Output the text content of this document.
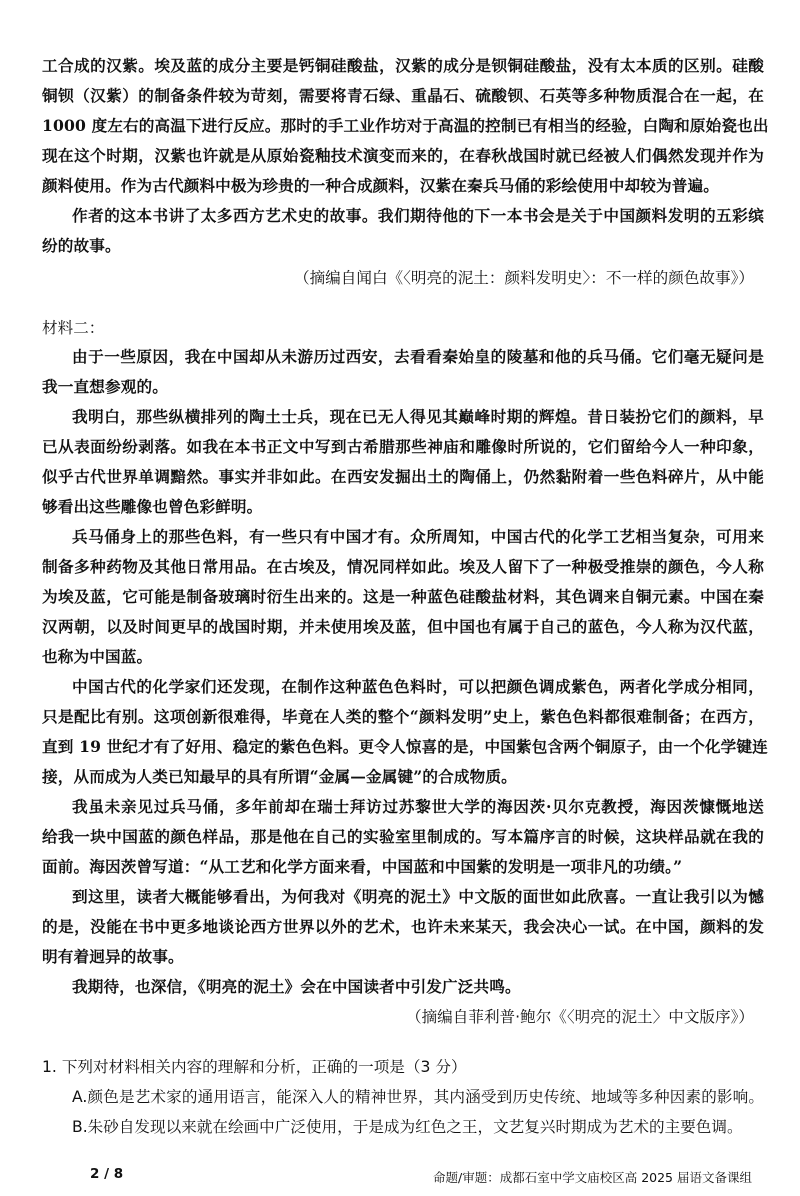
工合成的汉紫。埃及蓝的成分主要是钙铜硅酸盐，汉紫的成分是钡铜硅酸盐，没有太本质的区别。硅酸
铜钡（汉紫）的制备条件较为苛刻，需要将青石绿、重晶石、硫酸钡、石英等多种物质混合在一起，在
1000 度左右的高温下进行反应。那时的手工业作坊对于高温的控制已有相当的经验，白陶和原始瓷也出
现在这个时期，汉紫也许就是从原始瓷釉技术演变而来的，在春秋战国时就已经被人们偶然发现并作为
颜料使用。作为古代颜料中极为珍贵的一种合成颜料，汉紫在秦兵马俑的彩绘使用中却较为普遍。
作者的这本书讲了太多西方艺术史的故事。我们期待他的下一本书会是关于中国颜料发明的五彩缤
纷的故事。
（摘编自闻白《〈明亮的泥土：颜料发明史〉：不一样的颜色故事》）
材料二：
由于一些原因，我在中国却从未游历过西安，去看看秦始皇的陵墓和他的兵马俑。它们毫无疑问是
我一直想参观的。
我明白，那些纵横排列的陶土士兵，现在已无人得见其巅峰时期的辉煌。昔日装扮它们的颜料，早
已从表面纷纷剥落。如我在本书正文中写到古希腊那些神庙和雕像时所说的，它们留给今人一种印象，
似乎古代世界单调黯然。事实并非如此。在西安发掘出土的陶俑上，仍然黏附着一些色料碎片，从中能
够看出这些雕像也曾色彩鲜明。
兵马俑身上的那些色料，有一些只有中国才有。众所周知，中国古代的化学工艺相当复杂，可用来
制备多种药物及其他日常用品。在古埃及，情况同样如此。埃及人留下了一种极受推崇的颜色，今人称
为埃及蓝，它可能是制备玻璃时衍生出来的。这是一种蓝色硅酸盐材料，其色调来自铜元素。中国在秦
汉两朝，以及时间更早的战国时期，并未使用埃及蓝，但中国也有属于自己的蓝色，今人称为汉代蓝，
也称为中国蓝。
中国古代的化学家们还发现，在制作这种蓝色色料时，可以把颜色调成紫色，两者化学成分相同，
只是配比有别。这项创新很难得，毕竟在人类的整个“颜料发明”史上，紫色色料都很难制备；在西方，
直到 19 世纪才有了好用、稳定的紫色色料。更令人惊喜的是，中国紫包含两个铜原子，由一个化学键连
接，从而成为人类已知最早的具有所谓“金属—金属键”的合成物质。
我虽未亲见过兵马俑，多年前却在瑞士拜访过苏黎世大学的海因茨·贝尔克教授，海因茨慷慨地送
给我一块中国蓝的颜色样品，那是他在自己的实验室里制成的。写本篇序言的时候，这块样品就在我的
面前。海因茨曾写道：“从工艺和化学方面来看，中国蓝和中国紫的发明是一项非凡的功绩。”
到这里，读者大概能够看出，为何我对《明亮的泥土》中文版的面世如此欣喜。一直让我引以为憾
的是，没能在书中更多地谈论西方世界以外的艺术，也许未来某天，我会决心一试。在中国，颜料的发
明有着迥异的故事。
我期待，也深信，《明亮的泥土》会在中国读者中引发广泛共鸣。
（摘编自菲利普·鲍尔《〈明亮的泥土〉中文版序》）
1. 下列对材料相关内容的理解和分析，正确的一项是（3 分）
A.颜色是艺术家的通用语言，能深入人的精神世界，其内涵受到历史传统、地域等多种因素的影响。
B.朱砂自发现以来就在绘画中广泛使用，于是成为红色之王，文艺复兴时期成为艺术的主要色调。
2 / 8	命题/审题：成都石室中学文庙校区高 2025 届语文备课组
